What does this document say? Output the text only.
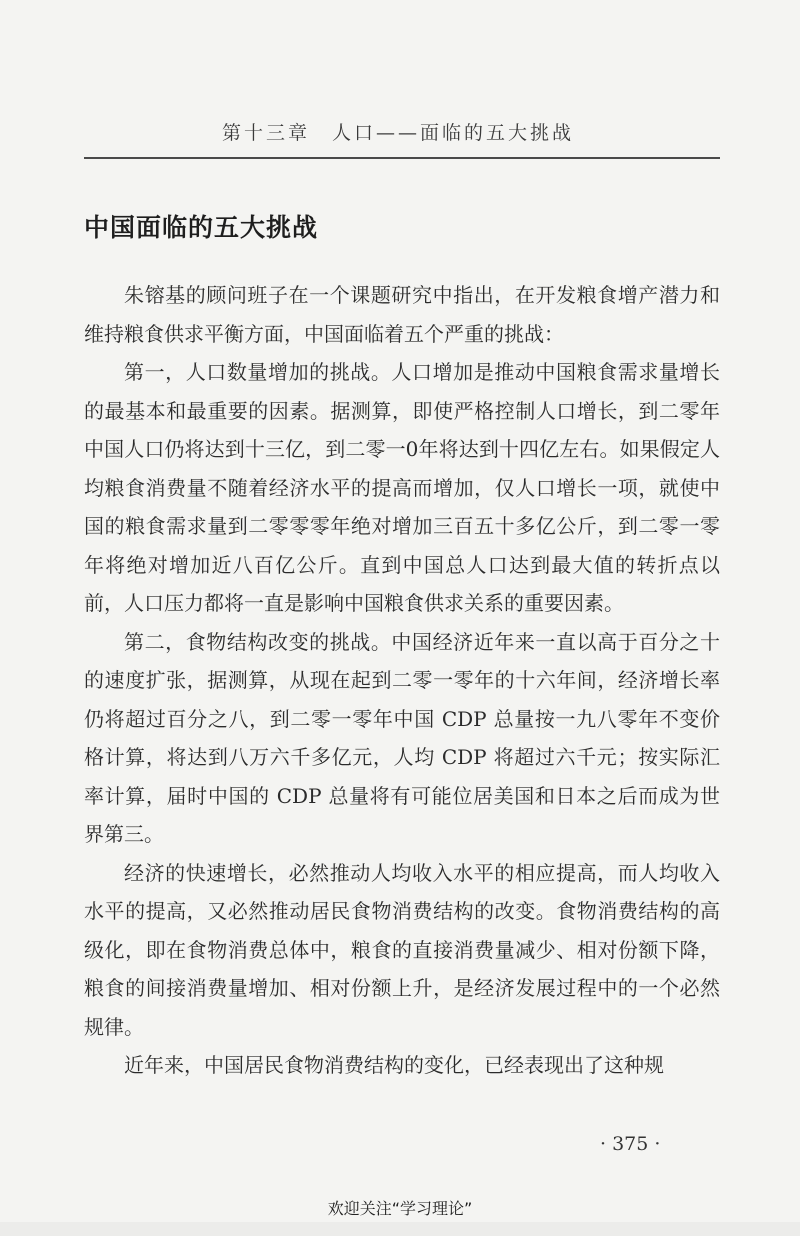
第十三章　人口——面临的五大挑战
中国面临的五大挑战

朱镕基的顾问班子在一个课题研究中指出，在开发粮食增产潜力和维持粮食供求平衡方面，中国面临着五个严重的挑战：

第一，人口数量增加的挑战。人口增加是推动中国粮食需求量增长的最基本和最重要的因素。据测算，即使严格控制人口增长，到二零年中国人口仍将达到十三亿，到二零一0年将达到十四亿左右。如果假定人均粮食消费量不随着经济水平的提高而增加，仅人口增长一项，就使中国的粮食需求量到二零零零年绝对增加三百五十多亿公斤，到二零一零年将绝对增加近八百亿公斤。直到中国总人口达到最大值的转折点以前，人口压力都将一直是影响中国粮食供求关系的重要因素。

第二，食物结构改变的挑战。中国经济近年来一直以高于百分之十的速度扩张，据测算，从现在起到二零一零年的十六年间，经济增长率仍将超过百分之八，到二零一零年中国 CDP 总量按一九八零年不变价格计算，将达到八万六千多亿元，人均 CDP 将超过六千元；按实际汇率计算，届时中国的 CDP 总量将有可能位居美国和日本之后而成为世界第三。

经济的快速增长，必然推动人均收入水平的相应提高，而人均收入水平的提高，又必然推动居民食物消费结构的改变。食物消费结构的高级化，即在食物消费总体中，粮食的直接消费量减少、相对份额下降，粮食的间接消费量增加、相对份额上升，是经济发展过程中的一个必然规律。

近年来，中国居民食物消费结构的变化，已经表现出了这种规

· 375 ·
欢迎关注“学习理论”
